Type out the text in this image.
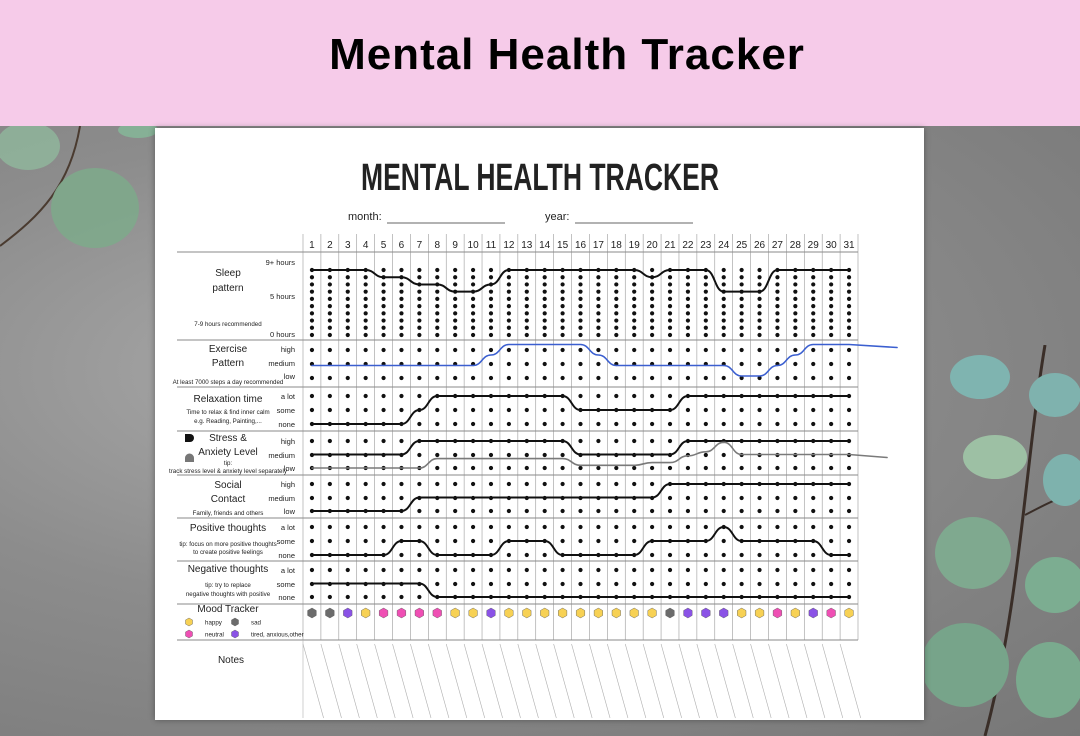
Mental Health Tracker
MENTAL HEALTH TRACKER
month:	year:
1 2 3 4 5 6 7 8 9 10 11 12 13 14 15 16 17 18 19 20 21 22 23 24 25 26 27 28 29 30 31
Sleep
pattern
7-9 hours recommended
9+ hours
5 hours
0 hours
Exercise
Pattern
At least 7000 steps a day recommended
high
medium
low
Relaxation time
Time to relax & find inner calm
e.g. Reading, Painting,...
a lot
some
none
Stress &
Anxiety Level
tip:
track stress level & anxiety level separately
high
medium
low
Social
Contact
Family, friends and others
high
medium
low
Positive thoughts
tip: focus on more positive thoughts
to create positive feelings
a lot
some
none
Negative thoughts
tip: try to replace
negative thoughts with positive
a lot
some
none
Mood Tracker
happy	sad
neutral	tired, anxious,other
Notes
